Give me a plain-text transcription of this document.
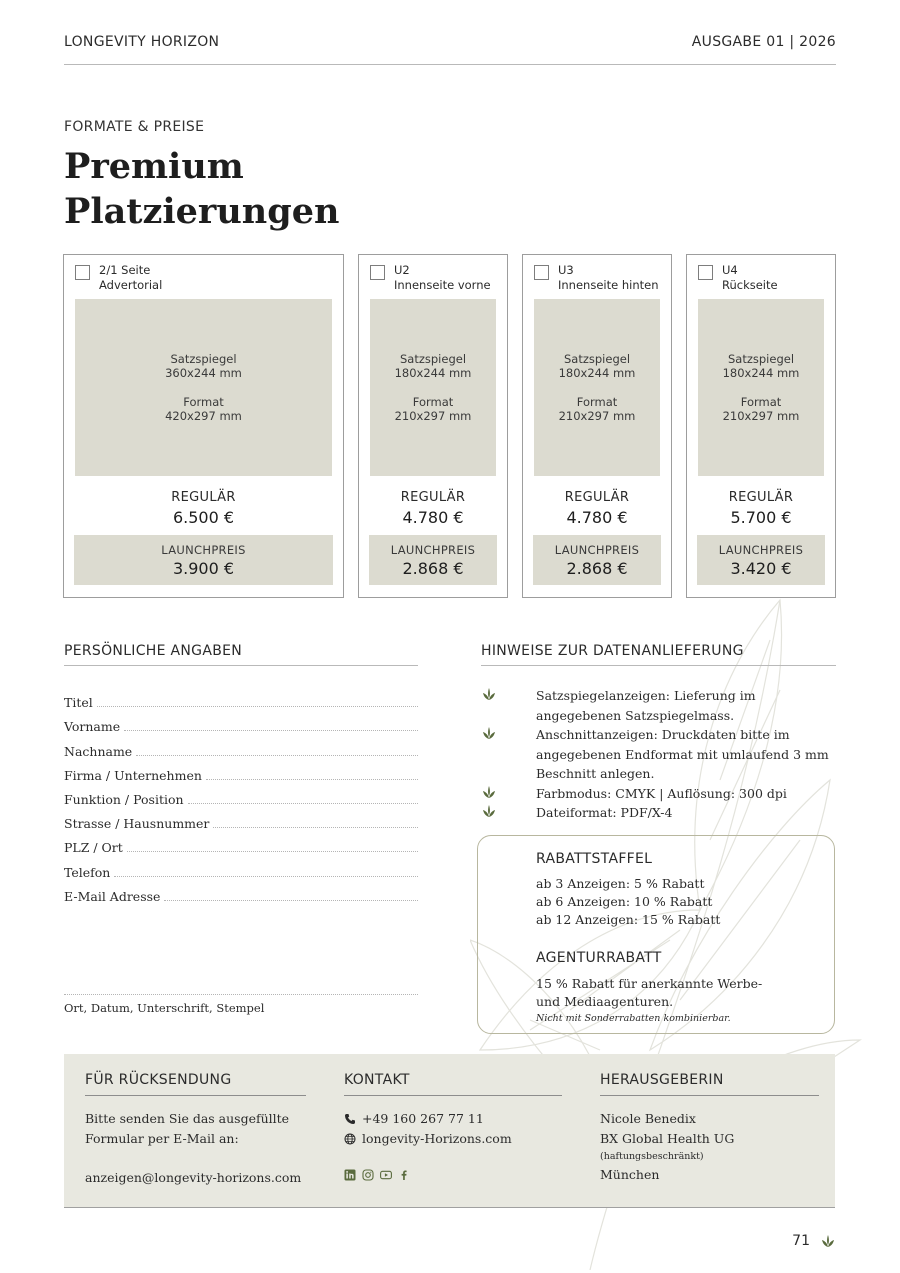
LONGEVITY HORIZON	AUSGABE 01 | 2026
FORMATE & PREISE
Premium
Platzierungen
2/1 Seite
Advertorial
Satzspiegel
360x244 mm
Format
420x297 mm
REGULÄR
6.500 €
LAUNCHPREIS
3.900 €
U2
Innenseite vorne
Satzspiegel
180x244 mm
Format
210x297 mm
REGULÄR
4.780 €
LAUNCHPREIS
2.868 €
U3
Innenseite hinten
Satzspiegel
180x244 mm
Format
210x297 mm
REGULÄR
4.780 €
LAUNCHPREIS
2.868 €
U4
Rückseite
Satzspiegel
180x244 mm
Format
210x297 mm
REGULÄR
5.700 €
LAUNCHPREIS
3.420 €
PERSÖNLICHE ANGABEN
Titel
Vorname
Nachname
Firma / Unternehmen
Funktion / Position
Strasse / Hausnummer
PLZ / Ort
Telefon
E-Mail Adresse
Ort, Datum, Unterschrift, Stempel
HINWEISE ZUR DATENANLIEFERUNG
Satzspiegelanzeigen: Lieferung im
angegebenen Satzspiegelmass.
Anschnittanzeigen: Druckdaten bitte im
angegebenen Endformat mit umlaufend 3 mm
Beschnitt anlegen.
Farbmodus: CMYK | Auflösung: 300 dpi
Dateiformat: PDF/X-4
RABATTSTAFFEL
ab 3 Anzeigen: 5 % Rabatt
ab 6 Anzeigen: 10 % Rabatt
ab 12 Anzeigen: 15 % Rabatt
AGENTURRABATT
15 % Rabatt für anerkannte Werbe-
und Mediaagenturen.
Nicht mit Sonderrabatten kombinierbar.
FÜR RÜCKSENDUNG
Bitte senden Sie das ausgefüllte
Formular per E-Mail an:
anzeigen@longevity-horizons.com
KONTAKT
+49 160 267 77 11
longevity-Horizons.com
HERAUSGEBERIN
Nicole Benedix
BX Global Health UG
(haftungsbeschränkt)
München
71
